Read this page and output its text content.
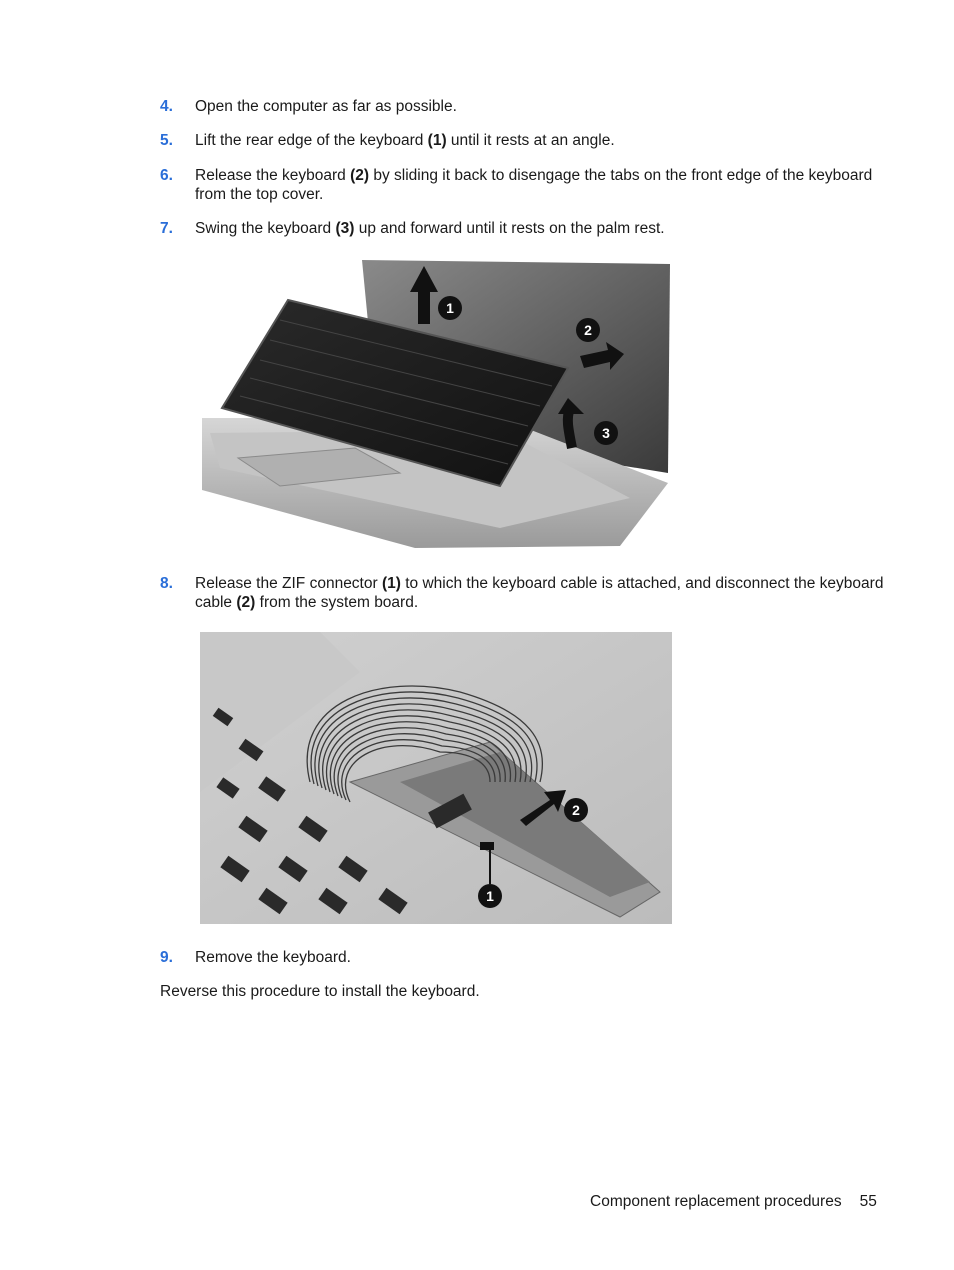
4. Open the computer as far as possible.
5. Lift the rear edge of the keyboard (1) until it rests at an angle.
6. Release the keyboard (2) by sliding it back to disengage the tabs on the front edge of the keyboard from the top cover.
7. Swing the keyboard (3) up and forward until it rests on the palm rest.
1
2
3
8. Release the ZIF connector (1) to which the keyboard cable is attached, and disconnect the keyboard cable (2) from the system board.
2
1
9. Remove the keyboard.
Reverse this procedure to install the keyboard.
Component replacement procedures 55
